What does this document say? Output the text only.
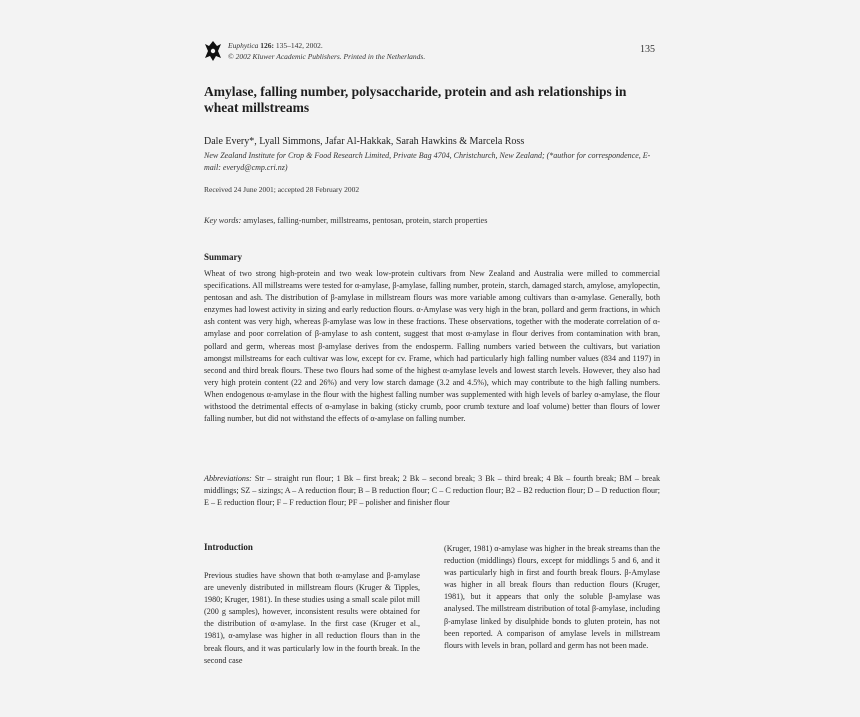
Euphytica 126: 135–142, 2002.
© 2002 Kluwer Academic Publishers. Printed in the Netherlands.
135
Amylase, falling number, polysaccharide, protein and ash relationships in wheat millstreams
Dale Every*, Lyall Simmons, Jafar Al-Hakkak, Sarah Hawkins & Marcela Ross
New Zealand Institute for Crop & Food Research Limited, Private Bag 4704, Christchurch, New Zealand; (*author for correspondence, E-mail: everyd@cmp.cri.nz)
Received 24 June 2001; accepted 28 February 2002
Key words: amylases, falling-number, millstreams, pentosan, protein, starch properties
Summary
Wheat of two strong high-protein and two weak low-protein cultivars from New Zealand and Australia were milled to commercial specifications. All millstreams were tested for α-amylase, β-amylase, falling number, protein, starch, damaged starch, amylose, amylopectin, pentosan and ash. The distribution of β-amylase in millstream flours was more variable among cultivars than α-amylase. Generally, both enzymes had lowest activity in sizing and early reduction flours. α-Amylase was very high in the bran, pollard and germ fractions, in which ash content was very high, whereas β-amylase was low in these fractions. These observations, together with the moderate correlation of α-amylase and poor correlation of β-amylase to ash content, suggest that most α-amylase in flour derives from contamination with bran, pollard and germ, whereas most β-amylase derives from the endosperm. Falling numbers varied between the cultivars, but variation amongst millstreams for each cultivar was low, except for cv. Frame, which had particularly high falling number values (834 and 1197) in second and third break flours. These two flours had some of the highest α-amylase levels and lowest starch levels. However, they also had very high protein content (22 and 26%) and very low starch damage (3.2 and 4.5%), which may contribute to the high falling numbers. When endogenous α-amylase in the flour with the highest falling number was supplemented with high levels of barley α-amylase, the flour withstood the detrimental effects of α-amylase in baking (sticky crumb, poor crumb texture and loaf volume) better than flours of lower falling number, but did not withstand the effects of α-amylase on falling number.
Abbreviations: Str – straight run flour; 1 Bk – first break; 2 Bk – second break; 3 Bk – third break; 4 Bk – fourth break; BM – break middlings; SZ – sizings; A – A reduction flour; B – B reduction flour; C – C reduction flour; B2 – B2 reduction flour; D – D reduction flour; E – E reduction flour; F – F reduction flour; PF – polisher and finisher flour
Introduction
Previous studies have shown that both α-amylase and β-amylase are unevenly distributed in millstream flours (Kruger & Tipples, 1980; Kruger, 1981). In these studies using a small scale pilot mill (200 g samples), however, inconsistent results were obtained for the distribution of α-amylase. In the first case (Kruger et al., 1981), α-amylase was higher in all reduction flours than in the break flours, and it was particularly low in the fourth break. In the second case
(Kruger, 1981) α-amylase was higher in the break streams than the reduction (middlings) flours, except for middlings 5 and 6, and it was particularly high in first and fourth break flours. β-Amylase was higher in all break flours than reduction flours (Kruger, 1981), but it appears that only the soluble β-amylase was analysed. The millstream distribution of total β-amylase, including β-amylase linked by disulphide bonds to gluten protein, has not been reported. A comparison of amylase levels in millstream flours with levels in bran, pollard and germ has not been made.
